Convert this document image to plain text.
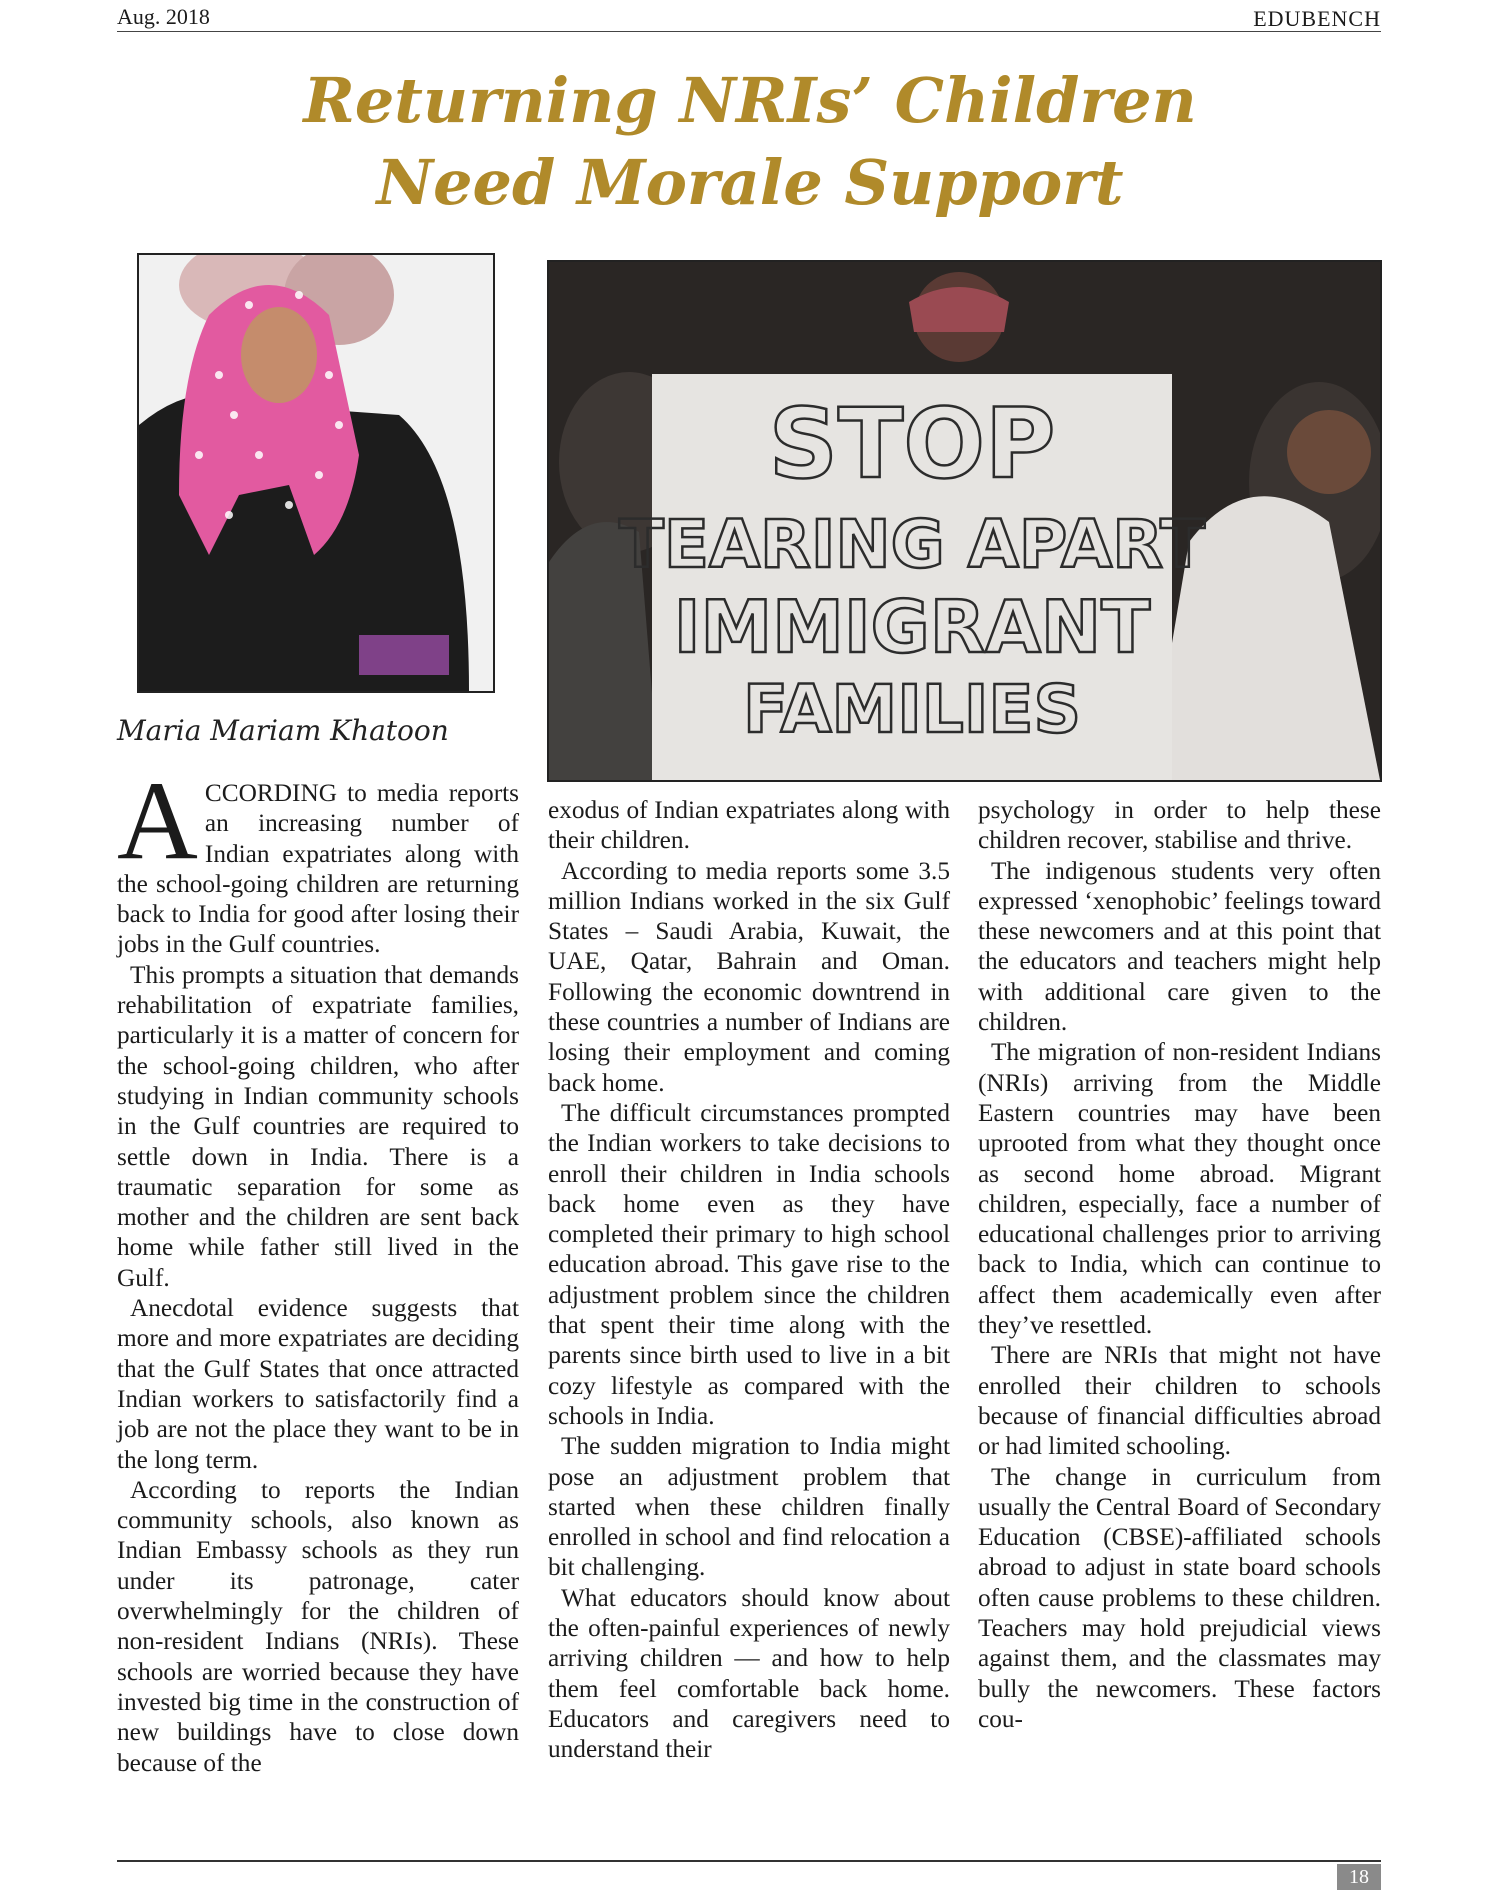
Aug. 2018	EDUBENCH
Returning NRIs’ Children
Need Morale Support
STOP
TEARING APART
IMMIGRANT
FAMILIES
Maria Mariam Khatoon

ACCORDING to media reports an increasing number of Indian expatriates along with the school-going children are returning back to India for good after losing their jobs in the Gulf countries.

This prompts a situation that demands rehabilitation of expatriate families, particularly it is a matter of concern for the school-going children, who after studying in Indian community schools in the Gulf countries are required to settle down in India. There is a traumatic separation for some as mother and the children are sent back home while father still lived in the Gulf.

Anecdotal evidence suggests that more and more expatriates are deciding that the Gulf States that once attracted Indian workers to satisfactorily find a job are not the place they want to be in the long term.

According to reports the Indian community schools, also known as Indian Embassy schools as they run under its patronage, cater overwhelmingly for the children of non-resident Indians (NRIs). These schools are worried because they have invested big time in the construction of new buildings have to close down because of the

exodus of Indian expatriates along with their children.

According to media reports some 3.5 million Indians worked in the six Gulf States – Saudi Arabia, Kuwait, the UAE, Qatar, Bahrain and Oman. Following the economic downtrend in these countries a number of Indians are losing their employment and coming back home.

The difficult circumstances prompted the Indian workers to take decisions to enroll their children in India schools back home even as they have completed their primary to high school education abroad. This gave rise to the adjustment problem since the children that spent their time along with the parents since birth used to live in a bit cozy lifestyle as compared with the schools in India.

The sudden migration to India might pose an adjustment problem that started when these children finally enrolled in school and find relocation a bit challenging.

What educators should know about the often-painful experiences of newly arriving children — and how to help them feel comfortable back home. Educators and caregivers need to understand their

psychology in order to help these children recover, stabilise and thrive.

The indigenous students very often expressed ‘xenophobic’ feelings toward these newcomers and at this point that the educators and teachers might help with additional care given to the children.

The migration of non-resident Indians (NRIs) arriving from the Middle Eastern countries may have been uprooted from what they thought once as second home abroad. Migrant children, especially, face a number of educational challenges prior to arriving back to India, which can continue to affect them academically even after they’ve resettled.

There are NRIs that might not have enrolled their children to schools because of financial difficulties abroad or had limited schooling.

The change in curriculum from usually the Central Board of Secondary Education (CBSE)-affiliated schools abroad to adjust in state board schools often cause problems to these children. Teachers may hold prejudicial views against them, and the classmates may bully the newcomers. These factors cou-

18
